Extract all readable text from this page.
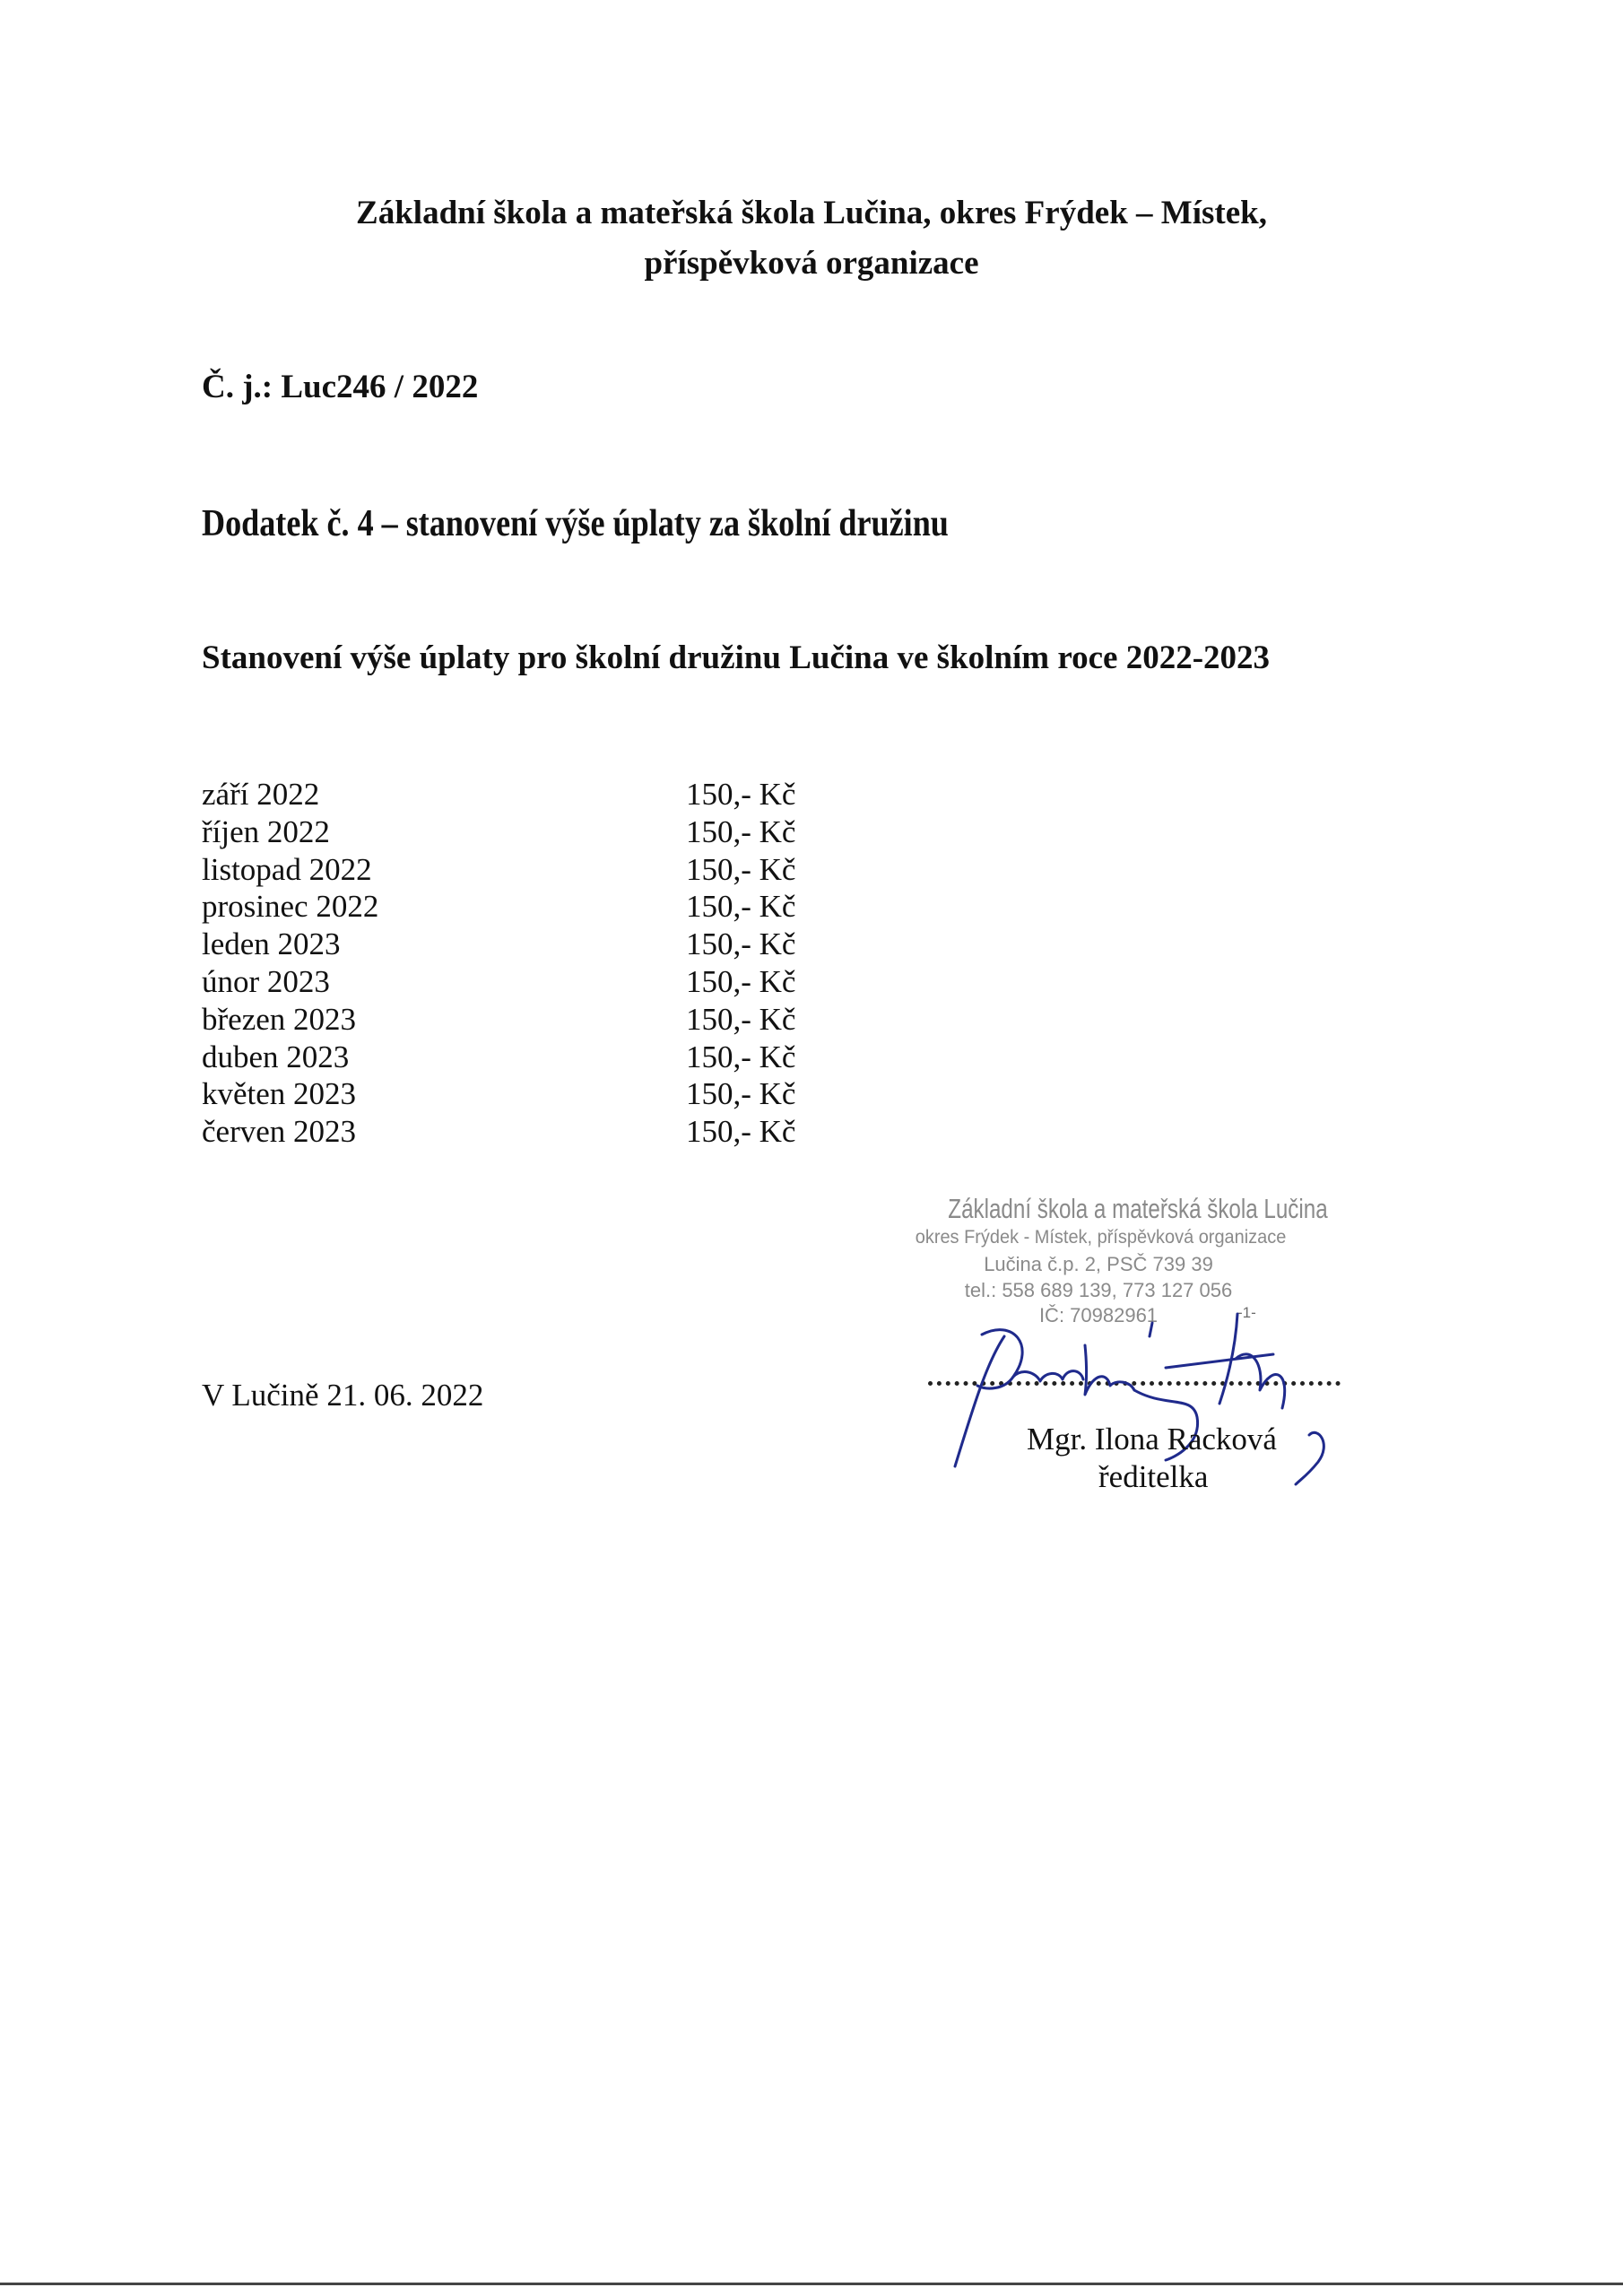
Základní škola a mateřská škola Lučina, okres Frýdek – Místek,
příspěvková organizace
Č. j.: Luc246 / 2022
Dodatek č. 4 – stanovení výše úplaty za školní družinu
Stanovení výše úplaty pro školní družinu Lučina ve školním roce 2022-2023
září 2022	150,- Kč
říjen 2022	150,- Kč
listopad 2022	150,- Kč
prosinec 2022	150,- Kč
leden 2023	150,- Kč
únor 2023	150,- Kč
březen 2023	150,- Kč
duben 2023	150,- Kč
květen 2023	150,- Kč
červen 2023	150,- Kč
Základní škola a mateřská škola Lučina
okres Frýdek - Místek, příspěvková organizace
Lučina č.p. 2, PSČ 739 39
tel.: 558 689 139, 773 127 056
IČ: 70982961	-1-
V Lučině 21. 06. 2022
Mgr. Ilona Racková
ředitelka
